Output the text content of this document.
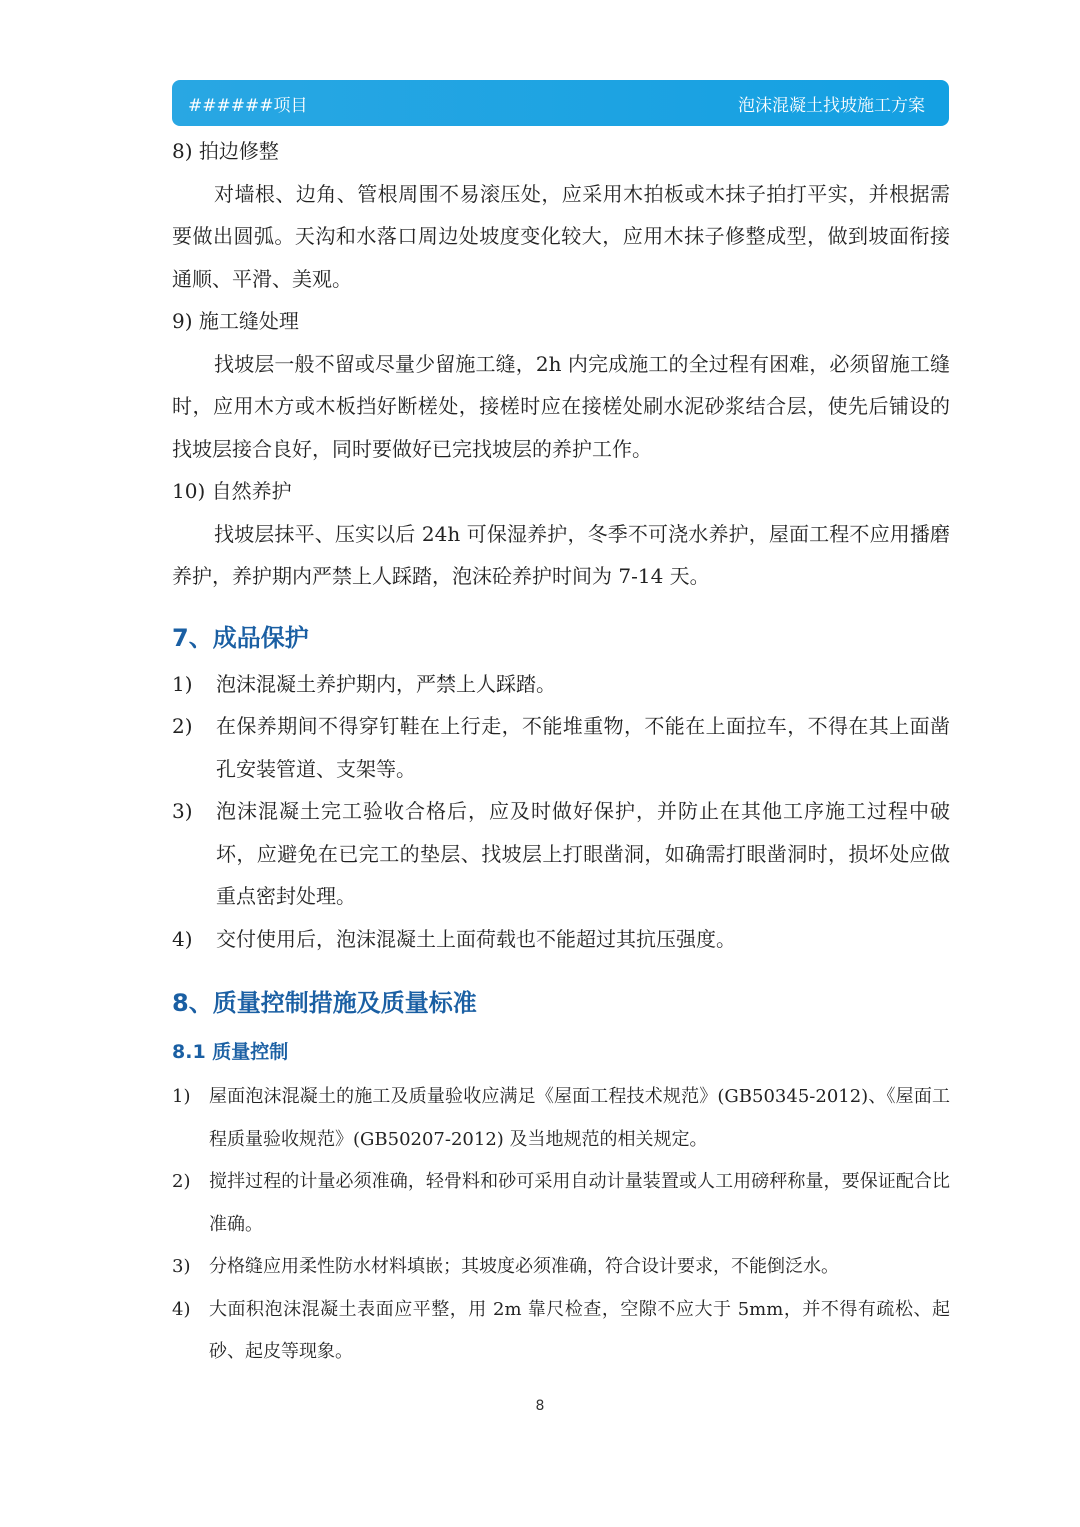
######项目	泡沫混凝土找坡施工方案
8) 拍边修整
对墙根、边角、管根周围不易滚压处，应采用木拍板或木抹子拍打平实，并根据需要做出圆弧。天沟和水落口周边处坡度变化较大，应用木抹子修整成型，做到坡面衔接通顺、平滑、美观。
9) 施工缝处理
找坡层一般不留或尽量少留施工缝，2h 内完成施工的全过程有困难，必须留施工缝时，应用木方或木板挡好断槎处，接槎时应在接槎处刷水泥砂浆结合层，使先后铺设的找坡层接合良好，同时要做好已完找坡层的养护工作。
10) 自然养护
找坡层抹平、压实以后 24h 可保湿养护，冬季不可浇水养护，屋面工程不应用播磨养护，养护期内严禁上人踩踏，泡沫砼养护时间为 7-14 天。
7、成品保护
1)	泡沫混凝土养护期内，严禁上人踩踏。
2)	在保养期间不得穿钉鞋在上行走，不能堆重物，不能在上面拉车，不得在其上面凿孔安装管道、支架等。
3)	泡沫混凝土完工验收合格后，应及时做好保护，并防止在其他工序施工过程中破坏，应避免在已完工的垫层、找坡层上打眼凿洞，如确需打眼凿洞时，损坏处应做重点密封处理。
4)	交付使用后，泡沫混凝土上面荷载也不能超过其抗压强度。
8、质量控制措施及质量标准
8.1 质量控制
1)	屋面泡沫混凝土的施工及质量验收应满足《屋面工程技术规范》(GB50345-2012)、《屋面工程质量验收规范》(GB50207-2012) 及当地规范的相关规定。
2)	搅拌过程的计量必须准确，轻骨料和砂可采用自动计量装置或人工用磅秤称量，要保证配合比准确。
3)	分格缝应用柔性防水材料填嵌；其坡度必须准确，符合设计要求，不能倒泛水。
4)	大面积泡沫混凝土表面应平整，用 2m 靠尺检查，空隙不应大于 5mm，并不得有疏松、起砂、起皮等现象。
8
